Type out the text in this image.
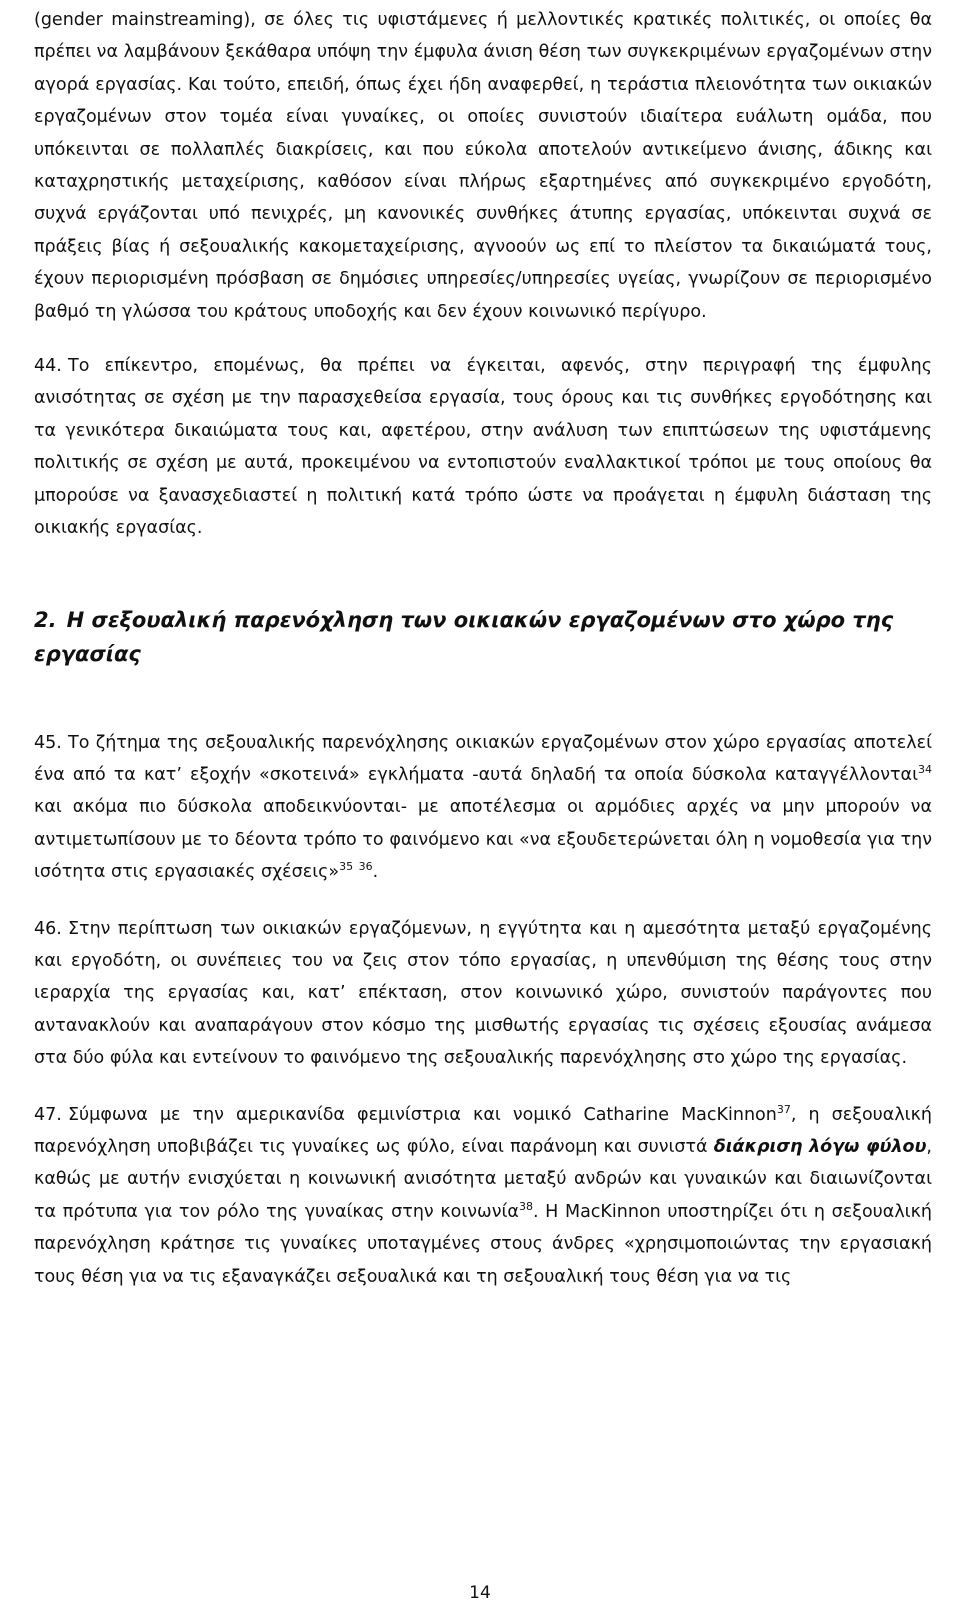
(gender mainstreaming), σε όλες τις υφιστάμενες ή μελλοντικές κρατικές πολιτικές, οι οποίες θα πρέπει να λαμβάνουν ξεκάθαρα υπόψη την έμφυλα άνιση θέση των συγκεκριμένων εργαζομένων στην αγορά εργασίας. Και τούτο, επειδή, όπως έχει ήδη αναφερθεί, η τεράστια πλειονότητα των οικιακών εργαζομένων στον τομέα είναι γυναίκες, οι οποίες συνιστούν ιδιαίτερα ευάλωτη ομάδα, που υπόκεινται σε πολλαπλές διακρίσεις, και που εύκολα αποτελούν αντικείμενο άνισης, άδικης και καταχρηστικής μεταχείρισης, καθόσον είναι πλήρως εξαρτημένες από συγκεκριμένο εργοδότη, συχνά εργάζονται υπό πενιχρές, μη κανονικές συνθήκες άτυπης εργασίας, υπόκεινται συχνά σε πράξεις βίας ή σεξουαλικής κακομεταχείρισης, αγνοούν ως επί το πλείστον τα δικαιώματά τους, έχουν περιορισμένη πρόσβαση σε δημόσιες υπηρεσίες/υπηρεσίες υγείας, γνωρίζουν σε περιορισμένο βαθμό τη γλώσσα του κράτους υποδοχής και δεν έχουν κοινωνικό περίγυρο.

44. Το επίκεντρο, επομένως, θα πρέπει να έγκειται, αφενός, στην περιγραφή της έμφυλης ανισότητας σε σχέση με την παρασχεθείσα εργασία, τους όρους και τις συνθήκες εργοδότησης και τα γενικότερα δικαιώματα τους και, αφετέρου, στην ανάλυση των επιπτώσεων της υφιστάμενης πολιτικής σε σχέση με αυτά, προκειμένου να εντοπιστούν εναλλακτικοί τρόποι με τους οποίους θα μπορούσε να ξανασχεδιαστεί η πολιτική κατά τρόπο ώστε να προάγεται η έμφυλη διάσταση της οικιακής εργασίας.

2. Η σεξουαλική παρενόχληση των οικιακών εργαζομένων στο χώρο της εργασίας

45. Το ζήτημα της σεξουαλικής παρενόχλησης οικιακών εργαζομένων στον χώρο εργασίας αποτελεί ένα από τα κατ’ εξοχήν «σκοτεινά» εγκλήματα -αυτά δηλαδή τα οποία δύσκολα καταγγέλλονται$^{34}$ και ακόμα πιο δύσκολα αποδεικνύονται- με αποτέλεσμα οι αρμόδιες αρχές να μην μπορούν να αντιμετωπίσουν με το δέοντα τρόπο το φαινόμενο και «να εξουδετερώνεται όλη η νομοθεσία για την ισότητα στις εργασιακές σχέσεις»$^{35}$ $^{36}$.

46. Στην περίπτωση των οικιακών εργαζόμενων, η εγγύτητα και η αμεσότητα μεταξύ εργαζομένης και εργοδότη, οι συνέπειες του να ζεις στον τόπο εργασίας, η υπενθύμιση της θέσης τους στην ιεραρχία της εργασίας και, κατ’ επέκταση, στον κοινωνικό χώρο, συνιστούν παράγοντες που αντανακλούν και αναπαράγουν στον κόσμο της μισθωτής εργασίας τις σχέσεις εξουσίας ανάμεσα στα δύο φύλα και εντείνουν το φαινόμενο της σεξουαλικής παρενόχλησης στο χώρο της εργασίας.

47. Σύμφωνα με την αμερικανίδα φεμινίστρια και νομικό Catharine MacKinnon$^{37}$, η σεξουαλική παρενόχληση υποβιβάζει τις γυναίκες ως φύλο, είναι παράνομη και συνιστά διάκριση λόγω φύλου, καθώς με αυτήν ενισχύεται η κοινωνική ανισότητα μεταξύ ανδρών και γυναικών και διαιωνίζονται τα πρότυπα για τον ρόλο της γυναίκας στην κοινωνία$^{38}$. Η MacKinnon υποστηρίζει ότι η σεξουαλική παρενόχληση κράτησε τις γυναίκες υποταγμένες στους άνδρες «χρησιμοποιώντας την εργασιακή τους θέση για να τις εξαναγκάζει σεξουαλικά και τη σεξουαλική τους θέση για να τις

14
